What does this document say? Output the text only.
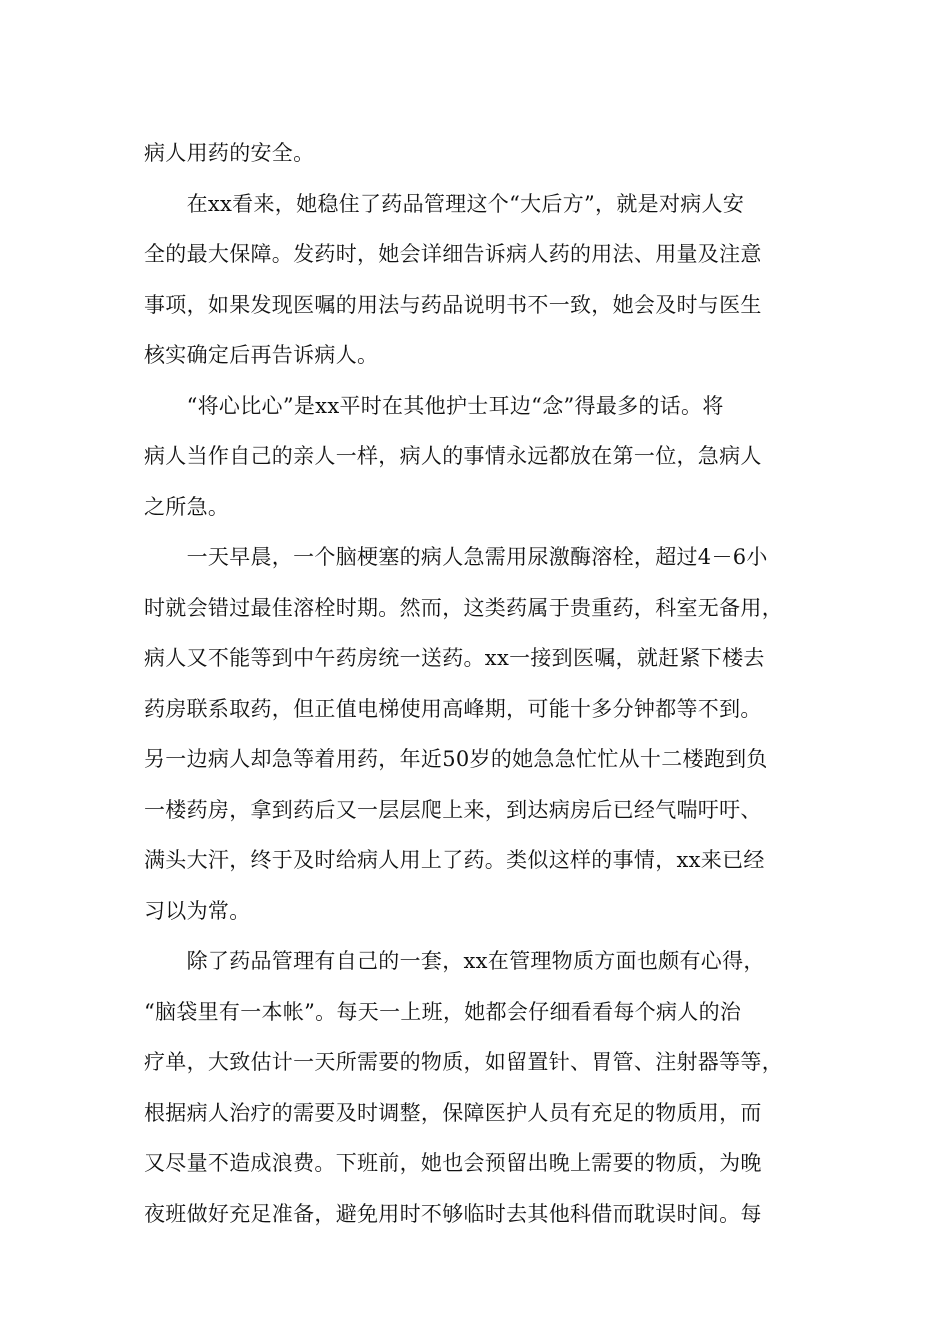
病人用药的安全。

　　在xx看来，她稳住了药品管理这个“大后方”，就是对病人安
全的最大保障。发药时，她会详细告诉病人药的用法、用量及注意
事项，如果发现医嘱的用法与药品说明书不一致，她会及时与医生
核实确定后再告诉病人。

　　“将心比心”是xx平时在其他护士耳边“念”得最多的话。将
病人当作自己的亲人一样，病人的事情永远都放在第一位，急病人
之所急。

　　一天早晨，一个脑梗塞的病人急需用尿激酶溶栓，超过4－6小
时就会错过最佳溶栓时期。然而，这类药属于贵重药，科室无备用，
病人又不能等到中午药房统一送药。xx一接到医嘱，就赶紧下楼去
药房联系取药，但正值电梯使用高峰期，可能十多分钟都等不到。
另一边病人却急等着用药，年近50岁的她急急忙忙从十二楼跑到负
一楼药房，拿到药后又一层层爬上来，到达病房后已经气喘吁吁、
满头大汗，终于及时给病人用上了药。类似这样的事情，xx来已经
习以为常。

　　除了药品管理有自己的一套，xx在管理物质方面也颇有心得，
“脑袋里有一本帐”。每天一上班，她都会仔细看看每个病人的治
疗单，大致估计一天所需要的物质，如留置针、胃管、注射器等等，
根据病人治疗的需要及时调整，保障医护人员有充足的物质用，而
又尽量不造成浪费。下班前，她也会预留出晚上需要的物质，为晚
夜班做好充足准备，避免用时不够临时去其他科借而耽误时间。每
